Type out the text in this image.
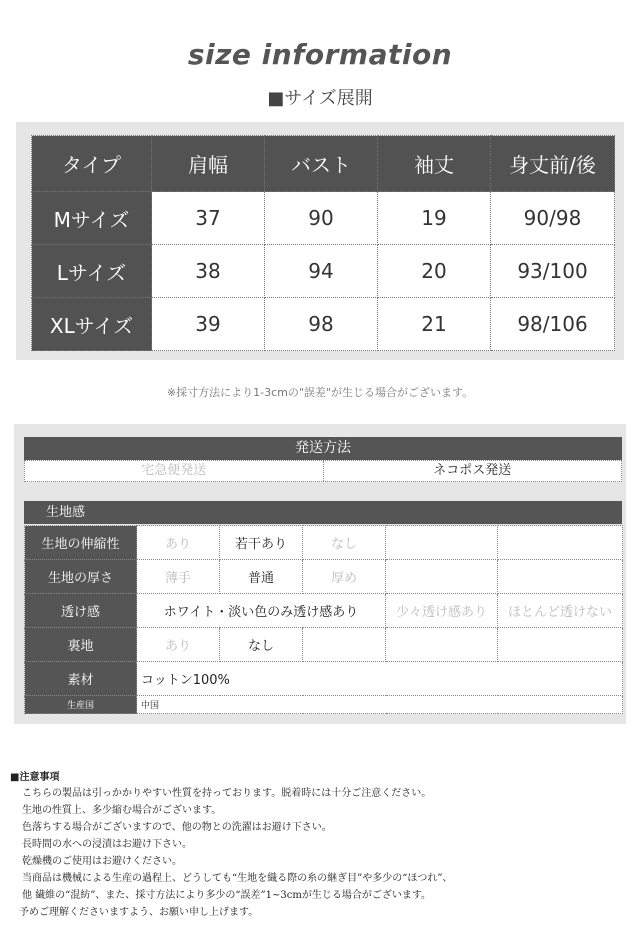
size information
■サイズ展開
タイプ	肩幅	バスト	袖丈	身丈前/後
Mサイズ	37	90	19	90/98
Lサイズ	38	94	20	93/100
XLサイズ	39	98	21	98/106
※採寸方法により1-3cmの"誤差"が生じる場合がございます。
発送方法
宅急便発送	ネコポス発送
生地感
生地の伸縮性	あり	若干あり	なし		
生地の厚さ	薄手	普通	厚め		
透け感	ホワイト・淡い色のみ透け感あり			少々透け感あり	ほとんど透けない
裏地	あり	なし			
素材	コットン100%				
生産国	中国				
■注意事項
こちらの製品は引っかかりやすい性質を持っております。脱着時には十分ご注意ください。
生地の性質上、多少縮む場合がございます。
色落ちする場合がございますので、他の物との洗濯はお避け下さい。
長時間の水への浸漬はお避け下さい。
乾燥機のご使用はお避けください。
当商品は機械による生産の過程上、どうしても“生地を織る際の糸の継ぎ目”や多少の“ほつれ”、
他 繊維の“混紡”、また、採寸方法により多少の“誤差”1~3cmが生じる場合がございます。
予めご理解くださいますよう、お願い申し上げます。
